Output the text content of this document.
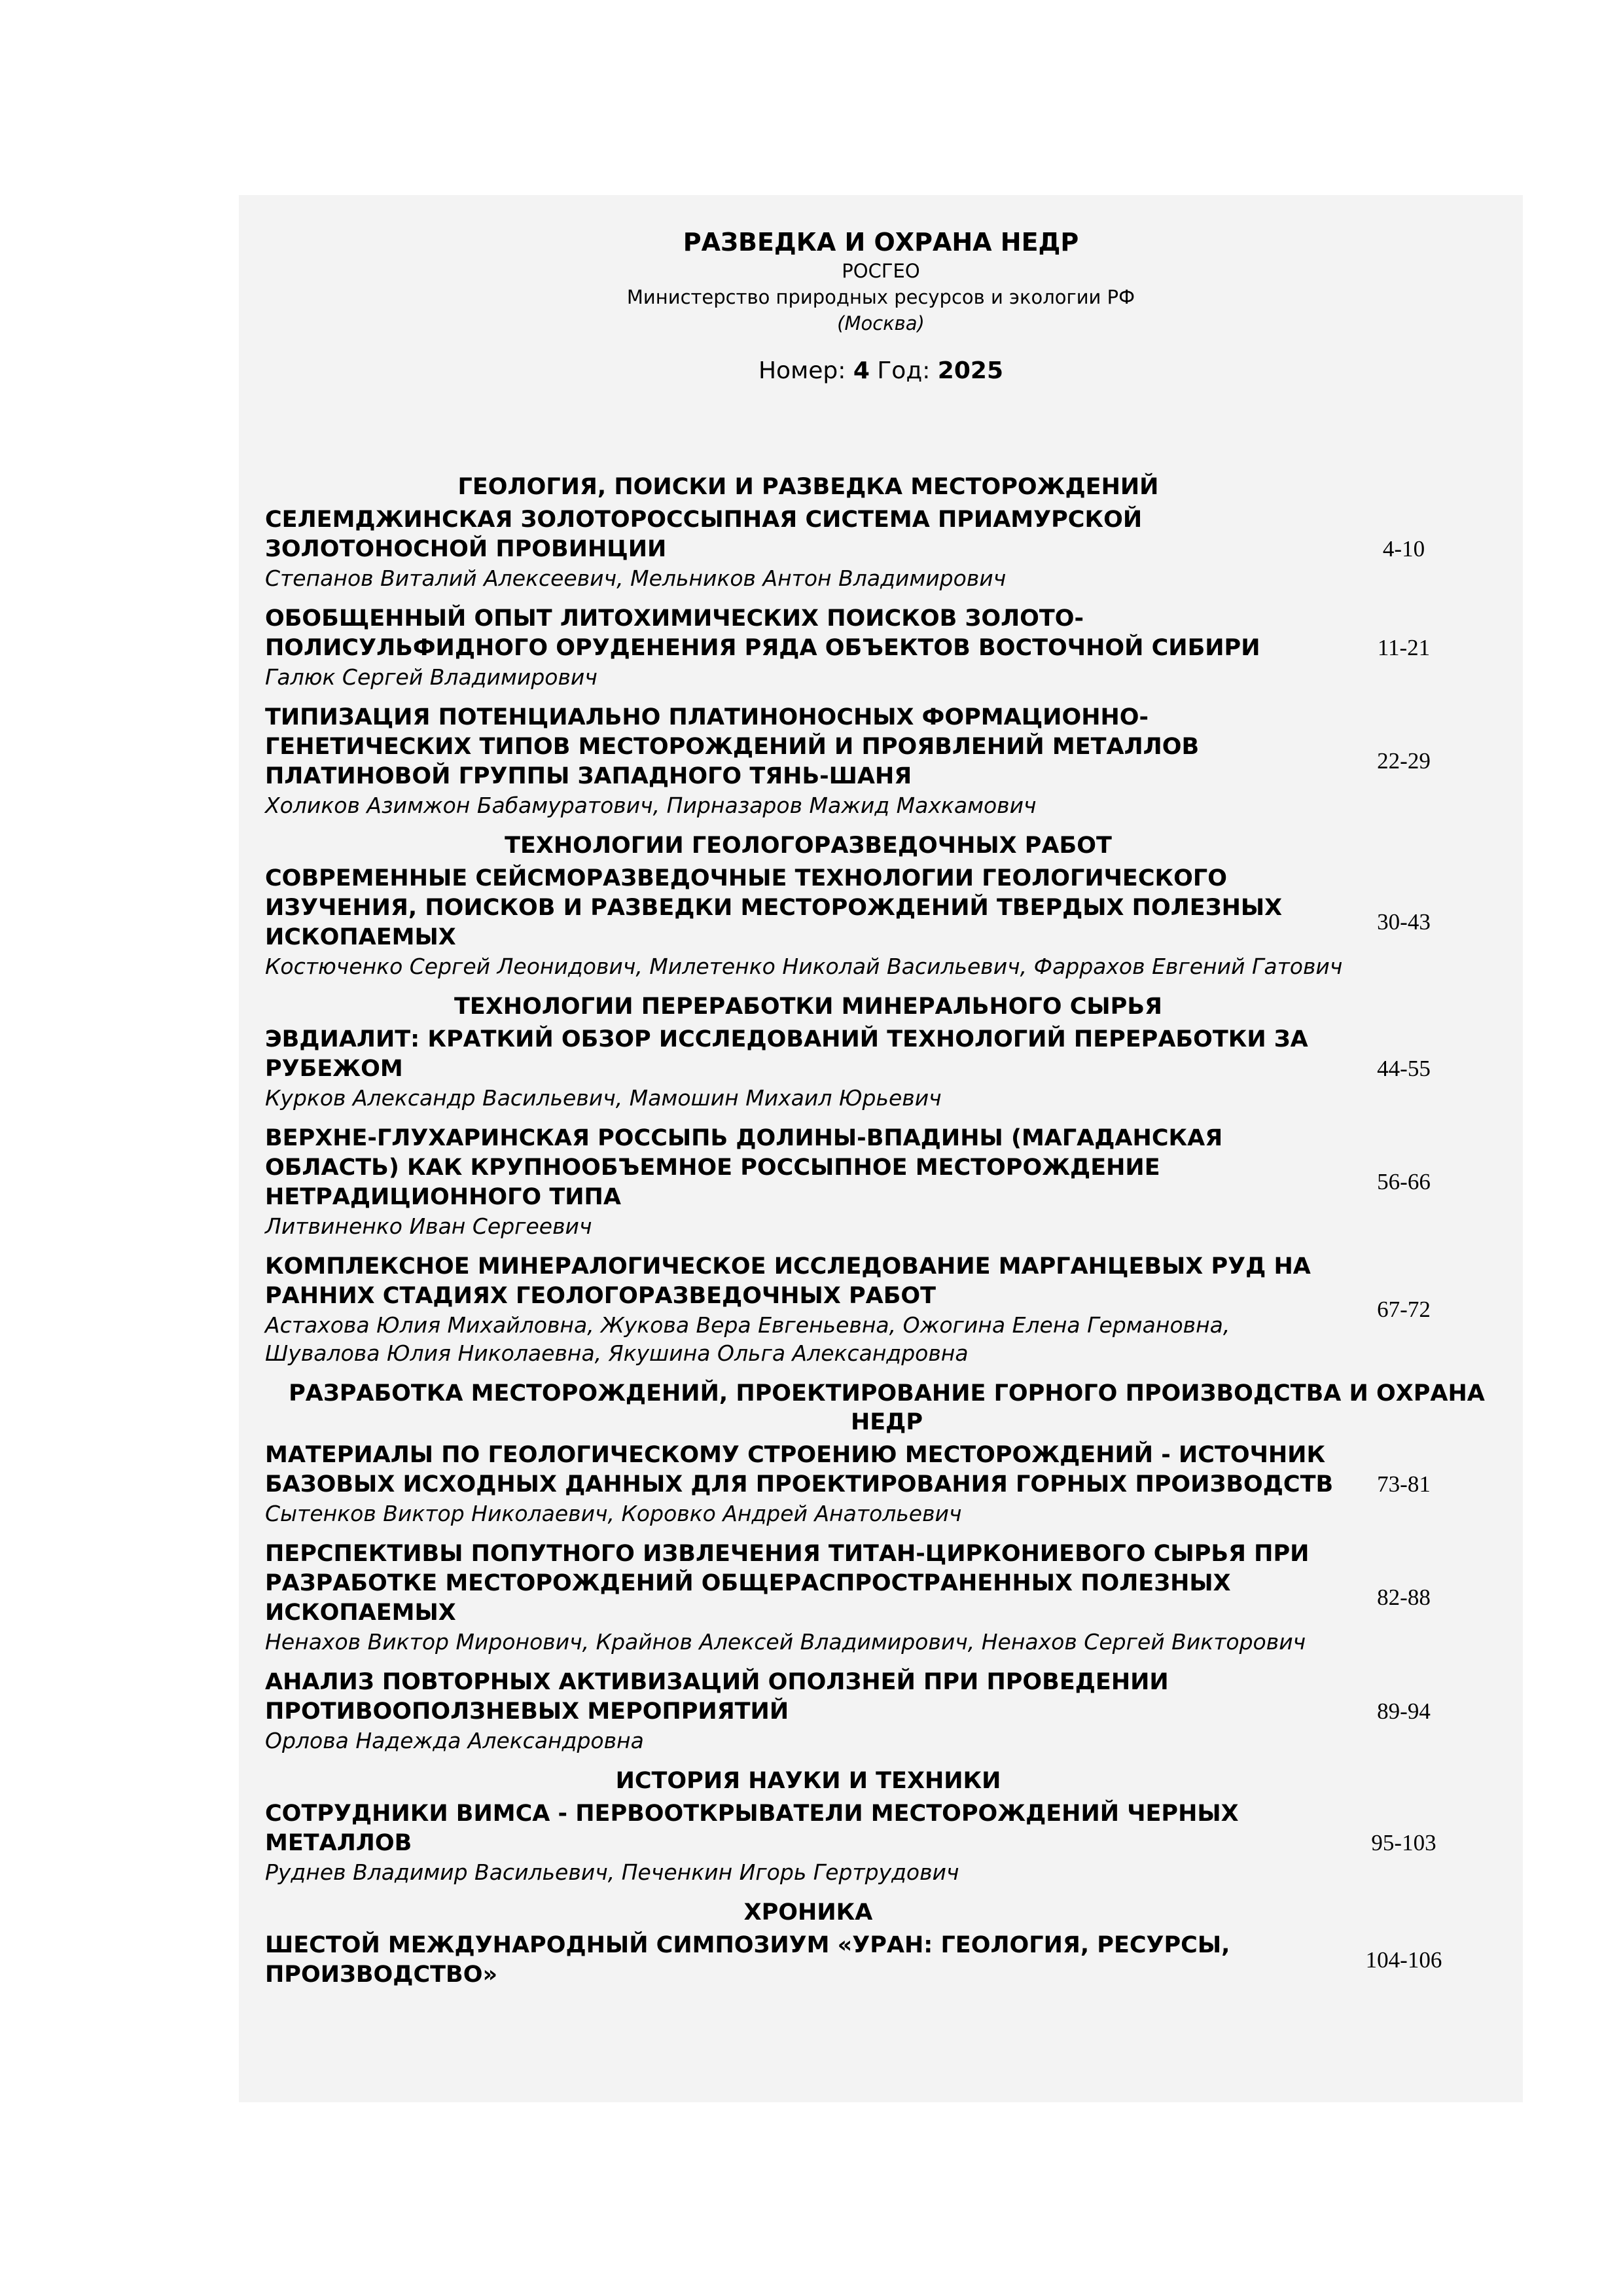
РАЗВЕДКА И ОХРАНА НЕДР
РОСГЕО
Министерство природных ресурсов и экологии РФ
(Москва)
Номер: 4 Год: 2025
ГЕОЛОГИЯ, ПОИСКИ И РАЗВЕДКА МЕСТОРОЖДЕНИЙ
СЕЛЕМДЖИНСКАЯ ЗОЛОТОРОССЫПНАЯ СИСТЕМА ПРИАМУРСКОЙ ЗОЛОТОНОСНОЙ ПРОВИНЦИИ
Степанов Виталий Алексеевич, Мельников Антон Владимирович
4-10
ОБОБЩЕННЫЙ ОПЫТ ЛИТОХИМИЧЕСКИХ ПОИСКОВ ЗОЛОТО-ПОЛИСУЛЬФИДНОГО ОРУДЕНЕНИЯ РЯДА ОБЪЕКТОВ ВОСТОЧНОЙ СИБИРИ
Галюк Сергей Владимирович
11-21
ТИПИЗАЦИЯ ПОТЕНЦИАЛЬНО ПЛАТИНОНОСНЫХ ФОРМАЦИОННО-ГЕНЕТИЧЕСКИХ ТИПОВ МЕСТОРОЖДЕНИЙ И ПРОЯВЛЕНИЙ МЕТАЛЛОВ ПЛАТИНОВОЙ ГРУППЫ ЗАПАДНОГО ТЯНЬ-ШАНЯ
Холиков Азимжон Бабамуратович, Пирназаров Мажид Махкамович
22-29
ТЕХНОЛОГИИ ГЕОЛОГОРАЗВЕДОЧНЫХ РАБОТ
СОВРЕМЕННЫЕ СЕЙСМОРАЗВЕДОЧНЫЕ ТЕХНОЛОГИИ ГЕОЛОГИЧЕСКОГО ИЗУЧЕНИЯ, ПОИСКОВ И РАЗВЕДКИ МЕСТОРОЖДЕНИЙ ТВЕРДЫХ ПОЛЕЗНЫХ ИСКОПАЕМЫХ
Костюченко Сергей Леонидович, Милетенко Николай Васильевич, Фаррахов Евгений Гатович
30-43
ТЕХНОЛОГИИ ПЕРЕРАБОТКИ МИНЕРАЛЬНОГО СЫРЬЯ
ЭВДИАЛИТ: КРАТКИЙ ОБЗОР ИССЛЕДОВАНИЙ ТЕХНОЛОГИЙ ПЕРЕРАБОТКИ ЗА РУБЕЖОМ
Курков Александр Васильевич, Мамошин Михаил Юрьевич
44-55
ВЕРХНЕ-ГЛУХАРИНСКАЯ РОССЫПЬ ДОЛИНЫ-ВПАДИНЫ (МАГАДАНСКАЯ ОБЛАСТЬ) КАК КРУПНООБЪЕМНОЕ РОССЫПНОЕ МЕСТОРОЖДЕНИЕ НЕТРАДИЦИОННОГО ТИПА
Литвиненко Иван Сергеевич
56-66
КОМПЛЕКСНОЕ МИНЕРАЛОГИЧЕСКОЕ ИССЛЕДОВАНИЕ МАРГАНЦЕВЫХ РУД НА РАННИХ СТАДИЯХ ГЕОЛОГОРАЗВЕДОЧНЫХ РАБОТ
Астахова Юлия Михайловна, Жукова Вера Евгеньевна, Ожогина Елена Германовна, Шувалова Юлия Николаевна, Якушина Ольга Александровна
67-72
РАЗРАБОТКА МЕСТОРОЖДЕНИЙ, ПРОЕКТИРОВАНИЕ ГОРНОГО ПРОИЗВОДСТВА И ОХРАНА НЕДР
МАТЕРИАЛЫ ПО ГЕОЛОГИЧЕСКОМУ СТРОЕНИЮ МЕСТОРОЖДЕНИЙ - ИСТОЧНИК БАЗОВЫХ ИСХОДНЫХ ДАННЫХ ДЛЯ ПРОЕКТИРОВАНИЯ ГОРНЫХ ПРОИЗВОДСТВ
Сытенков Виктор Николаевич, Коровко Андрей Анатольевич
73-81
ПЕРСПЕКТИВЫ ПОПУТНОГО ИЗВЛЕЧЕНИЯ ТИТАН-ЦИРКОНИЕВОГО СЫРЬЯ ПРИ РАЗРАБОТКЕ МЕСТОРОЖДЕНИЙ ОБЩЕРАСПРОСТРАНЕННЫХ ПОЛЕЗНЫХ ИСКОПАЕМЫХ
Ненахов Виктор Миронович, Крайнов Алексей Владимирович, Ненахов Сергей Викторович
82-88
АНАЛИЗ ПОВТОРНЫХ АКТИВИЗАЦИЙ ОПОЛЗНЕЙ ПРИ ПРОВЕДЕНИИ ПРОТИВООПОЛЗНЕВЫХ МЕРОПРИЯТИЙ
Орлова Надежда Александровна
89-94
ИСТОРИЯ НАУКИ И ТЕХНИКИ
СОТРУДНИКИ ВИМСА - ПЕРВООТКРЫВАТЕЛИ МЕСТОРОЖДЕНИЙ ЧЕРНЫХ МЕТАЛЛОВ
Руднев Владимир Васильевич, Печенкин Игорь Гертрудович
95-103
ХРОНИКА
ШЕСТОЙ МЕЖДУНАРОДНЫЙ СИМПОЗИУМ «УРАН: ГЕОЛОГИЯ, РЕСУРСЫ, ПРОИЗВОДСТВО»
104-106
